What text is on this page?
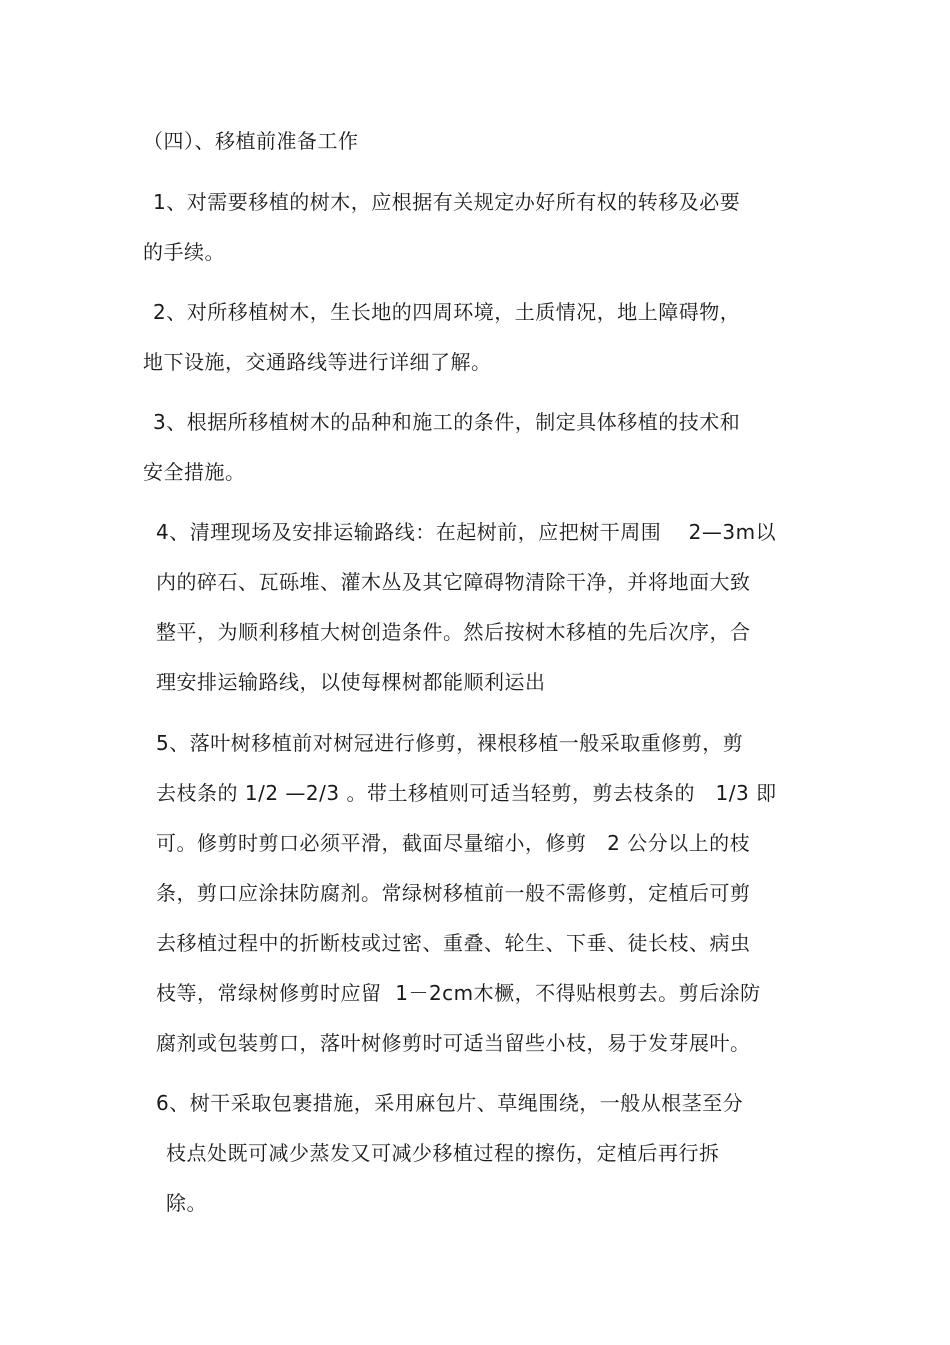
（四）、移植前准备工作
1、对需要移植的树木，应根据有关规定办好所有权的转移及必要
的手续。
2、对所移植树木，生长地的四周环境，土质情况，地上障碍物，
地下设施，交通路线等进行详细了解。
3、根据所移植树木的品种和施工的条件，制定具体移植的技术和
安全措施。
4、清理现场及安排运输路线：在起树前，应把树干周围    2—3m以
内的碎石、瓦砾堆、灌木丛及其它障碍物清除干净，并将地面大致
整平，为顺利移植大树创造条件。然后按树木移植的先后次序，合
理安排运输路线，以使每棵树都能顺利运出
5、落叶树移植前对树冠进行修剪，裸根移植一般采取重修剪，剪
去枝条的 1/2 —2/3 。带土移植则可适当轻剪，剪去枝条的   1/3 即
可。修剪时剪口必须平滑，截面尽量缩小，修剪   2 公分以上的枝
条，剪口应涂抹防腐剂。常绿树移植前一般不需修剪，定植后可剪
去移植过程中的折断枝或过密、重叠、轮生、下垂、徒长枝、病虫
枝等，常绿树修剪时应留  1－2cm木橛，不得贴根剪去。剪后涂防
腐剂或包装剪口，落叶树修剪时可适当留些小枝，易于发芽展叶。
6、树干采取包裹措施，采用麻包片、草绳围绕，一般从根茎至分
枝点处既可减少蒸发又可减少移植过程的擦伤，定植后再行拆
除。
